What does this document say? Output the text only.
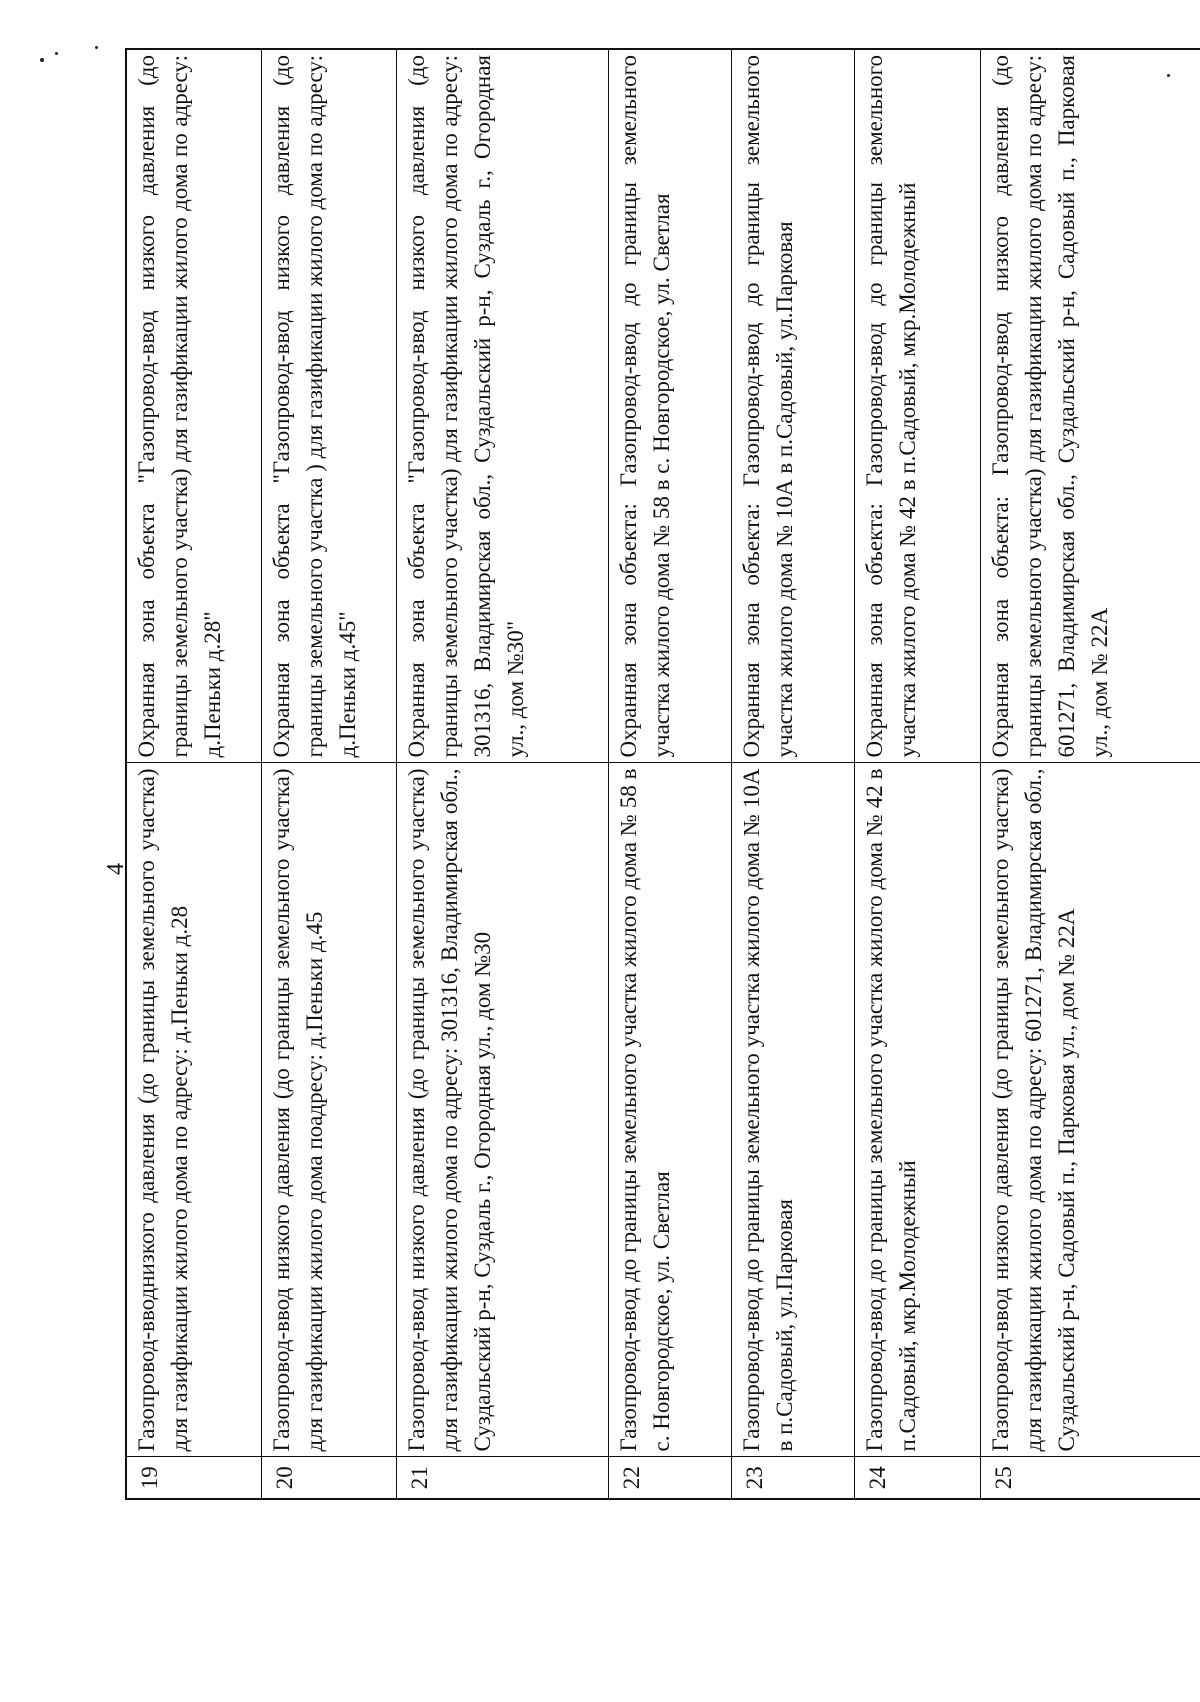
4
19	Газопровод-вводнизкого давления (до границы земельного участка) для газификации жилого дома по адресу: д.Пеньки д.28	Охранная зона объекта "Газопровод-ввод низкого давления (до границы земельного участка) для газификации жилого дома по адресу: д.Пеньки д.28"
20	Газопровод-ввод низкого давления (до границы земельного участка) для газификации жилого дома поадресу: д.Пеньки д.45	Охранная зона объекта "Газопровод-ввод низкого давления (до границы земельного участка ) для газификации жилого дома по адресу: д.Пеньки д.45"
21	Газопровод-ввод низкого давления (до границы земельного участка) для газификации жилого дома по адресу: 301316, Владимирская обл., Суздальский р-н, Суздаль г., Огородная ул., дом №30	Охранная зона объекта "Газопровод-ввод низкого давления (до границы земельного участка) для газификации жилого дома по адресу: 301316, Владимирская обл., Суздальский р-н, Суздаль г., Огородная ул., дом №30"
22	Газопровод-ввод до границы земельного участка жилого дома № 58 в с. Новгородское, ул. Светлая	Охранная зона объекта: Газопровод-ввод до границы земельного участка жилого дома № 58 в с. Новгородское, ул. Светлая
23	Газопровод-ввод до границы земельного участка жилого дома № 10А в п.Садовый, ул.Парковая	Охранная зона объекта: Газопровод-ввод до границы земельного участка жилого дома № 10А в п.Садовый, ул.Парковая
24	Газопровод-ввод до границы земельного участка жилого дома № 42 в п.Садовый, мкр.Молодежный	Охранная зона объекта: Газопровод-ввод до границы земельного участка жилого дома № 42 в п.Садовый, мкр.Молодежный
25	Газопровод-ввод низкого давления (до границы земельного участка) для газификации жилого дома по адресу: 601271, Владимирская обл., Суздальский р-н, Садовый п., Парковая ул., дом № 22А	Охранная зона объекта: Газопровод-ввод низкого давления (до границы земельного участка) для газификации жилого дома по адресу: 601271, Владимирская обл., Суздальский р-н, Садовый п., Парковая ул., дом № 22А
